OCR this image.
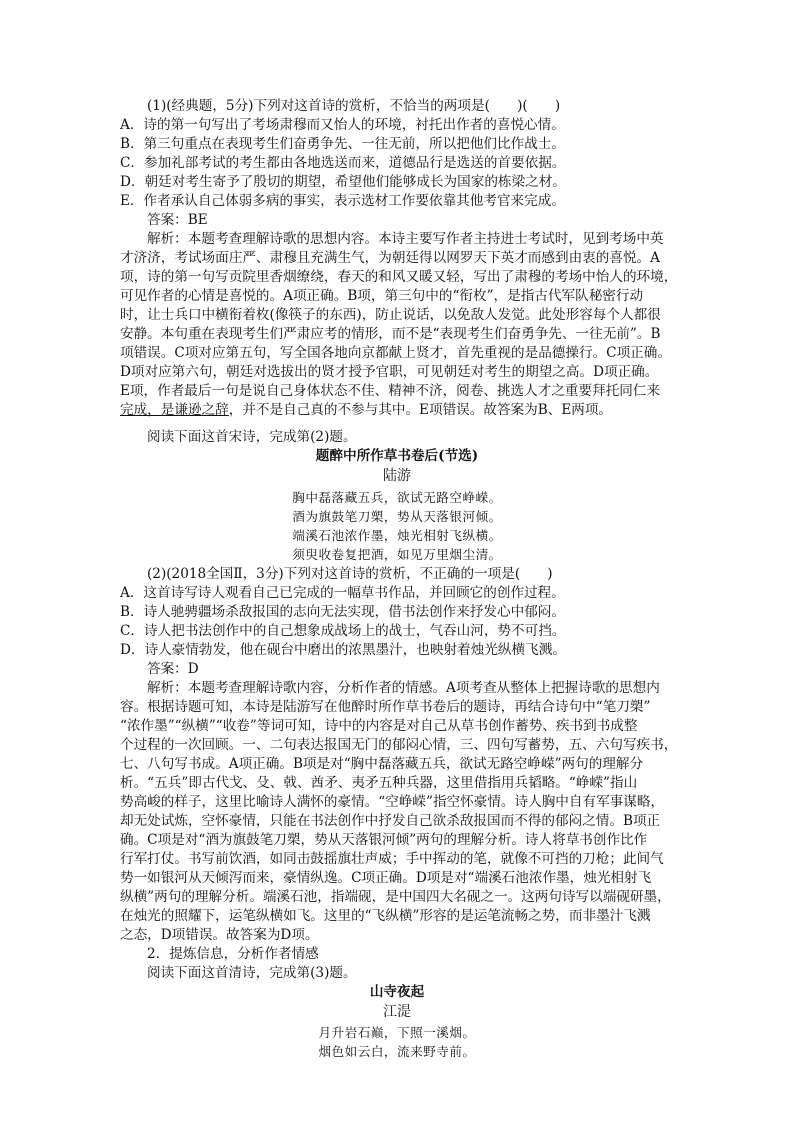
(1)(经典题，5分)下列对这首诗的赏析，不恰当的两项是(　　)(　　)
A．诗的第一句写出了考场肃穆而又怡人的环境，衬托出作者的喜悦心情。
B．第三句重点在表现考生们奋勇争先、一往无前，所以把他们比作战士。
C．参加礼部考试的考生都由各地选送而来，道德品行是选送的首要依据。
D．朝廷对考生寄予了殷切的期望，希望他们能够成长为国家的栋梁之材。
E．作者承认自己体弱多病的事实，表示选材工作要依靠其他考官来完成。
答案：BE
解析：本题考查理解诗歌的思想内容。本诗主要写作者主持进士考试时，见到考场中英
才济济，考试场面庄严、肃穆且充满生气，为朝廷得以网罗天下英才而感到由衷的喜悦。A
项，诗的第一句写贡院里香烟缭绕，春天的和风又暖又轻，写出了肃穆的考场中怡人的环境，
可见作者的心情是喜悦的。A项正确。B项，第三句中的“衔枚”，是指古代军队秘密行动
时，让士兵口中横衔着枚(像筷子的东西)，防止说话，以免敌人发觉。此处形容每个人都很
安静。本句重在表现考生们严肃应考的情形，而不是“表现考生们奋勇争先、一往无前”。B
项错误。C项对应第五句，写全国各地向京都献上贤才，首先重视的是品德操行。C项正确。
D项对应第六句，朝廷对选拔出的贤才授予官职，可见朝廷对考生的期望之高。D项正确。
E项，作者最后一句是说自己身体状态不佳、精神不济，阅卷、挑选人才之重要拜托同仁来
完成，是谦逊之辞，并不是自己真的不参与其中。E项错误。故答案为B、E两项。
阅读下面这首宋诗，完成第(2)题。
题醉中所作草书卷后(节选)
陆游
胸中磊落藏五兵，欲试无路空峥嵘。
酒为旗鼓笔刀槊，势从天落银河倾。
端溪石池浓作墨，烛光相射飞纵横。
须臾收卷复把酒，如见万里烟尘清。
(2)(2018全国Ⅱ，3分)下列对这首诗的赏析，不正确的一项是(　　)
A．这首诗写诗人观看自己已完成的一幅草书作品，并回顾它的创作过程。
B．诗人驰骋疆场杀敌报国的志向无法实现，借书法创作来抒发心中郁闷。
C．诗人把书法创作中的自己想象成战场上的战士，气吞山河，势不可挡。
D．诗人豪情勃发，他在砚台中磨出的浓黑墨汁，也映射着烛光纵横飞溅。
答案：D
解析：本题考查理解诗歌内容，分析作者的情感。A项考查从整体上把握诗歌的思想内
容。根据诗题可知，本诗是陆游写在他醉时所作草书卷后的题诗，再结合诗句中“笔刀槊”
“浓作墨”“纵横”“收卷”等词可知，诗中的内容是对自己从草书创作蓄势、疾书到书成整
个过程的一次回顾。一、二句表达报国无门的郁闷心情，三、四句写蓄势，五、六句写疾书，
七、八句写书成。A项正确。B项是对“胸中磊落藏五兵，欲试无路空峥嵘”两句的理解分
析。“五兵”即古代戈、殳、戟、酋矛、夷矛五种兵器，这里借指用兵韬略。“峥嵘”指山
势高峻的样子，这里比喻诗人满怀的豪情。“空峥嵘”指空怀豪情。诗人胸中自有军事谋略，
却无处试炼，空怀豪情，只能在书法创作中抒发自己欲杀敌报国而不得的郁闷之情。B项正
确。C项是对“酒为旗鼓笔刀槊，势从天落银河倾”两句的理解分析。诗人将草书创作比作
行军打仗。书写前饮酒，如同击鼓摇旗壮声威；手中挥动的笔，就像不可挡的刀枪；此间气
势一如银河从天倾泻而来，豪情纵逸。C项正确。D项是对“端溪石池浓作墨，烛光相射飞
纵横”两句的理解分析。端溪石池，指端砚，是中国四大名砚之一。这两句诗写以端砚研墨，
在烛光的照耀下，运笔纵横如飞。这里的“飞纵横”形容的是运笔流畅之势，而非墨汁飞溅
之态，D项错误。故答案为D项。
2．提炼信息，分析作者情感
阅读下面这首清诗，完成第(3)题。
山寺夜起
江湜
月升岩石巅，下照一溪烟。
烟色如云白，流来野寺前。
